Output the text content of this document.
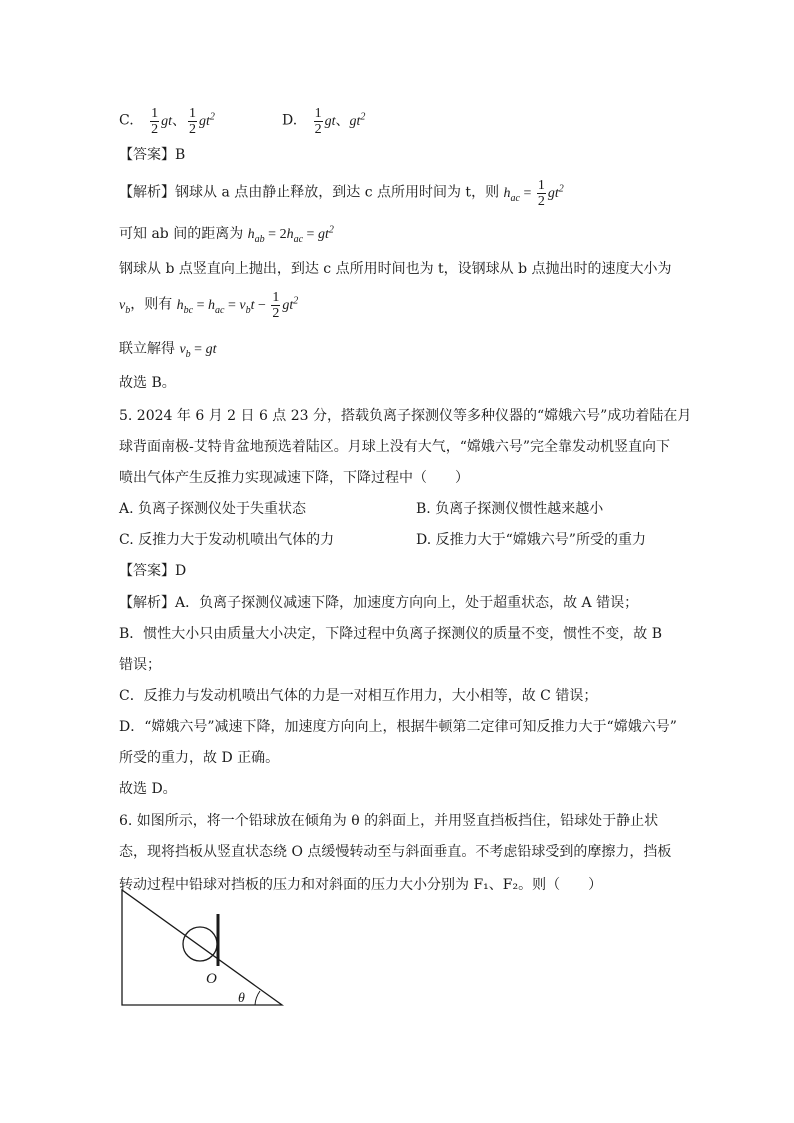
C. $\frac{1}{2}$ gt、 $\frac{1}{2} gt^2$	D. $\frac{1}{2}$ gt、$gt^2$
【答案】B
【解析】钢球从 a 点由静止释放，到达 c 点所用时间为 t，则 $h_{ac} = \frac{1}{2} gt^2$
可知 ab 间的距离为 $h_{ab} = 2h_{ac} = gt^2$
钢球从 b 点竖直向上抛出，到达 c 点所用时间也为 t，设钢球从 b 点抛出时的速度大小为
$v_b$，则有 $h_{bc} = h_{ac} = v_bt - \frac{1}{2} gt^2$
联立解得 $v_b$ = gt
故选 B。
5. 2024 年 6 月 2 日 6 点 23 分，搭载负离子探测仪等多种仪器的“嫦娥六号”成功着陆在月
球背面南极-艾特肯盆地预选着陆区。月球上没有大气，“嫦娥六号”完全靠发动机竖直向下
喷出气体产生反推力实现减速下降，下降过程中（　　）
A. 负离子探测仪处于失重状态	B. 负离子探测仪惯性越来越小
C. 反推力大于发动机喷出气体的力	D. 反推力大于“嫦娥六号”所受的重力
【答案】D
【解析】A．负离子探测仪减速下降，加速度方向向上，处于超重状态，故 A 错误；
B．惯性大小只由质量大小决定，下降过程中负离子探测仪的质量不变，惯性不变，故 B
错误；
C．反推力与发动机喷出气体的力是一对相互作用力，大小相等，故 C 错误；
D．“嫦娥六号”减速下降，加速度方向向上，根据牛顿第二定律可知反推力大于“嫦娥六号”
所受的重力，故 D 正确。
故选 D。
6. 如图所示，将一个铅球放在倾角为 θ 的斜面上，并用竖直挡板挡住，铅球处于静止状
态，现将挡板从竖直状态绕 O 点缓慢转动至与斜面垂直。不考虑铅球受到的摩擦力，挡板
转动过程中铅球对挡板的压力和对斜面的压力大小分别为 F₁、F₂。则（　　）
O
θ
